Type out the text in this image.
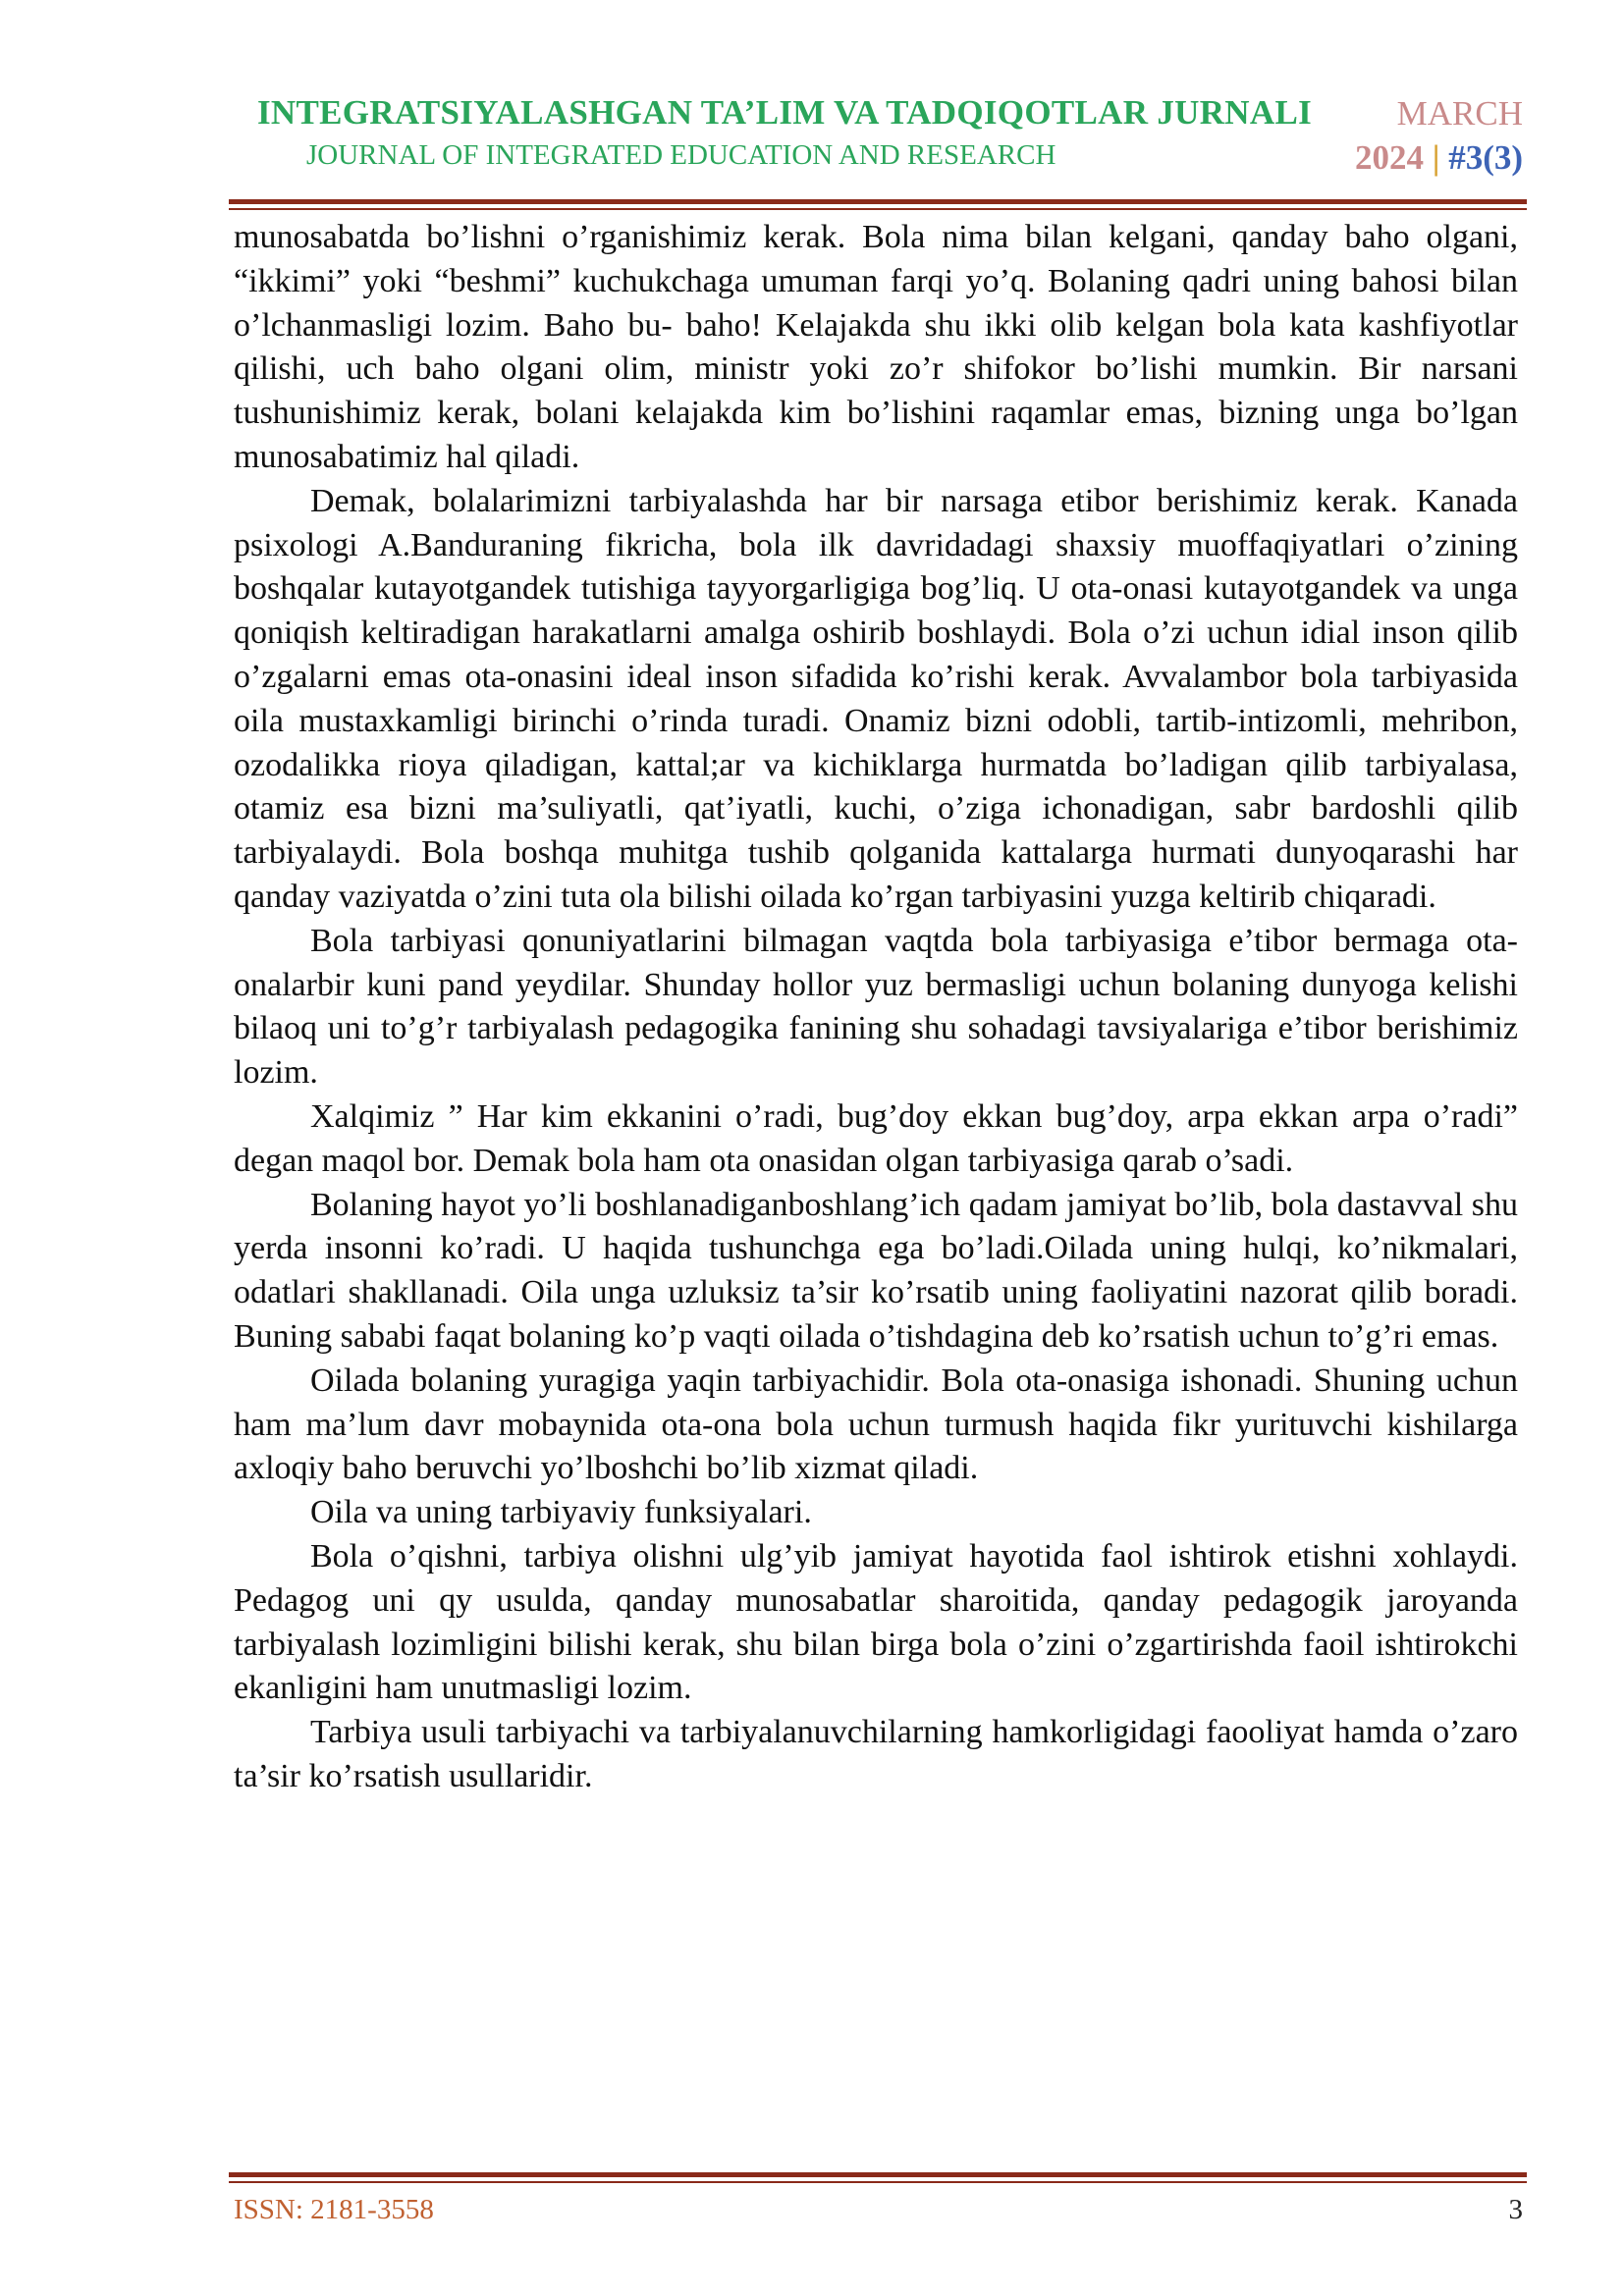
INTEGRATSIYALASHGAN TA’LIM VA TADQIQOTLAR JURNALI
JOURNAL OF INTEGRATED EDUCATION AND RESEARCH
MARCH
2024 | #3(3)

munosabatda bo’lishni o’rganishimiz kerak. Bola nima bilan kelgani, qanday baho olgani, “ikkimi” yoki “beshmi” kuchukchaga umuman farqi yo’q. Bolaning qadri uning bahosi bilan o’lchanmasligi lozim. Baho bu- baho! Kelajakda shu ikki olib kelgan bola kata kashfiyotlar qilishi, uch baho olgani olim, ministr yoki zo’r shifokor bo’lishi mumkin. Bir narsani tushunishimiz kerak, bolani kelajakda kim bo’lishini raqamlar emas, bizning unga bo’lgan munosabatimiz hal qiladi.

Demak, bolalarimizni tarbiyalashda har bir narsaga etibor berishimiz kerak. Kanada psixologi A.Banduraning fikricha, bola ilk davridadagi shaxsiy muoffaqiyatlari o’zining boshqalar kutayotgandek tutishiga tayyorgarligiga bog’liq. U ota-onasi kutayotgandek va unga qoniqish keltiradigan harakatlarni amalga oshirib boshlaydi. Bola o’zi uchun idial inson qilib o’zgalarni emas ota-onasini ideal inson sifadida ko’rishi kerak. Avvalambor bola tarbiyasida oila mustaxkamligi birinchi o’rinda turadi. Onamiz bizni odobli, tartib-intizomli, mehribon, ozodalikka rioya qiladigan, kattal;ar va kichiklarga hurmatda bo’ladigan qilib tarbiyalasa, otamiz esa bizni ma’suliyatli, qat’iyatli, kuchi, o’ziga ichonadigan, sabr bardoshli qilib tarbiyalaydi. Bola boshqa muhitga tushib qolganida kattalarga hurmati dunyoqarashi har qanday vaziyatda o’zini tuta ola bilishi oilada ko’rgan tarbiyasini yuzga keltirib chiqaradi.

Bola tarbiyasi qonuniyatlarini bilmagan vaqtda bola tarbiyasiga e’tibor bermaga ota-onalarbir kuni pand yeydilar. Shunday hollor yuz bermasligi uchun bolaning dunyoga kelishi bilaoq uni to’g’r tarbiyalash pedagogika fanining shu sohadagi tavsiyalariga e’tibor berishimiz lozim.

Xalqimiz ” Har kim ekkanini o’radi, bug’doy ekkan bug’doy, arpa ekkan arpa o’radi” degan maqol bor. Demak bola ham ota onasidan olgan tarbiyasiga qarab o’sadi.

Bolaning hayot yo’li boshlanadiganboshlang’ich qadam jamiyat bo’lib, bola dastavval shu yerda insonni ko’radi. U haqida tushunchga ega bo’ladi.Oilada uning hulqi, ko’nikmalari, odatlari shakllanadi. Oila unga uzluksiz ta’sir ko’rsatib uning faoliyatini nazorat qilib boradi. Buning sababi faqat bolaning ko’p vaqti oilada o’tishdagina deb ko’rsatish uchun to’g’ri emas.

Oilada bolaning yuragiga yaqin tarbiyachidir. Bola ota-onasiga ishonadi. Shuning uchun ham ma’lum davr mobaynida ota-ona bola uchun turmush haqida fikr yurituvchi kishilarga axloqiy baho beruvchi yo’lboshchi bo’lib xizmat qiladi.

Oila va uning tarbiyaviy funksiyalari.

Bola o’qishni, tarbiya olishni ulg’yib jamiyat hayotida faol ishtirok etishni xohlaydi. Pedagog uni qy usulda, qanday munosabatlar sharoitida, qanday pedagogik jaroyanda tarbiyalash lozimligini bilishi kerak, shu bilan birga bola o’zini o’zgartirishda faoil ishtirokchi ekanligini ham unutmasligi lozim.

Tarbiya usuli tarbiyachi va tarbiyalanuvchilarning hamkorligidagi faooliyat hamda o’zaro ta’sir ko’rsatish usullaridir.

ISSN: 2181-3558	3
